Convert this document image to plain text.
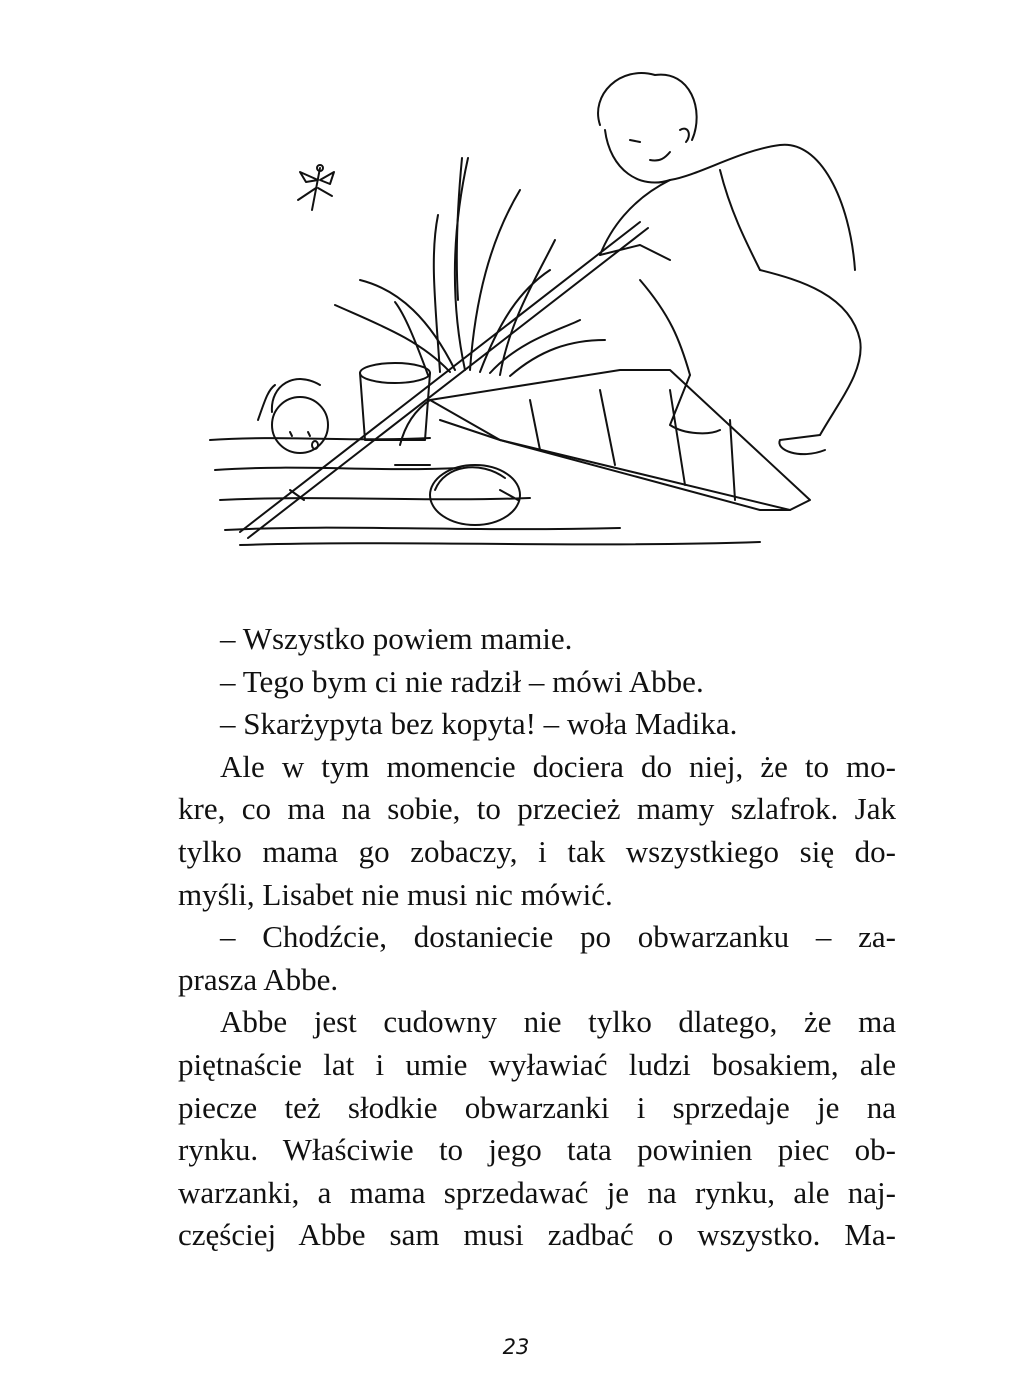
– Wszystko powiem mamie.
– Tego bym ci nie radził – mówi Abbe.
– Skarżypyta bez kopyta! – woła Madika.
Ale w tym momencie dociera do niej, że to mo-
kre, co ma na sobie, to przecież mamy szlafrok. Jak
tylko mama go zobaczy, i tak wszystkiego się do-
myśli, Lisabet nie musi nic mówić.
– Chodźcie, dostaniecie po obwarzanku – za-
prasza Abbe.
Abbe jest cudowny nie tylko dlatego, że ma
piętnaście lat i umie wyławiać ludzi bosakiem, ale
piecze też słodkie obwarzanki i sprzedaje je na
rynku. Właściwie to jego tata powinien piec ob-
warzanki, a mama sprzedawać je na rynku, ale naj-
częściej Abbe sam musi zadbać o wszystko. Ma-
23
